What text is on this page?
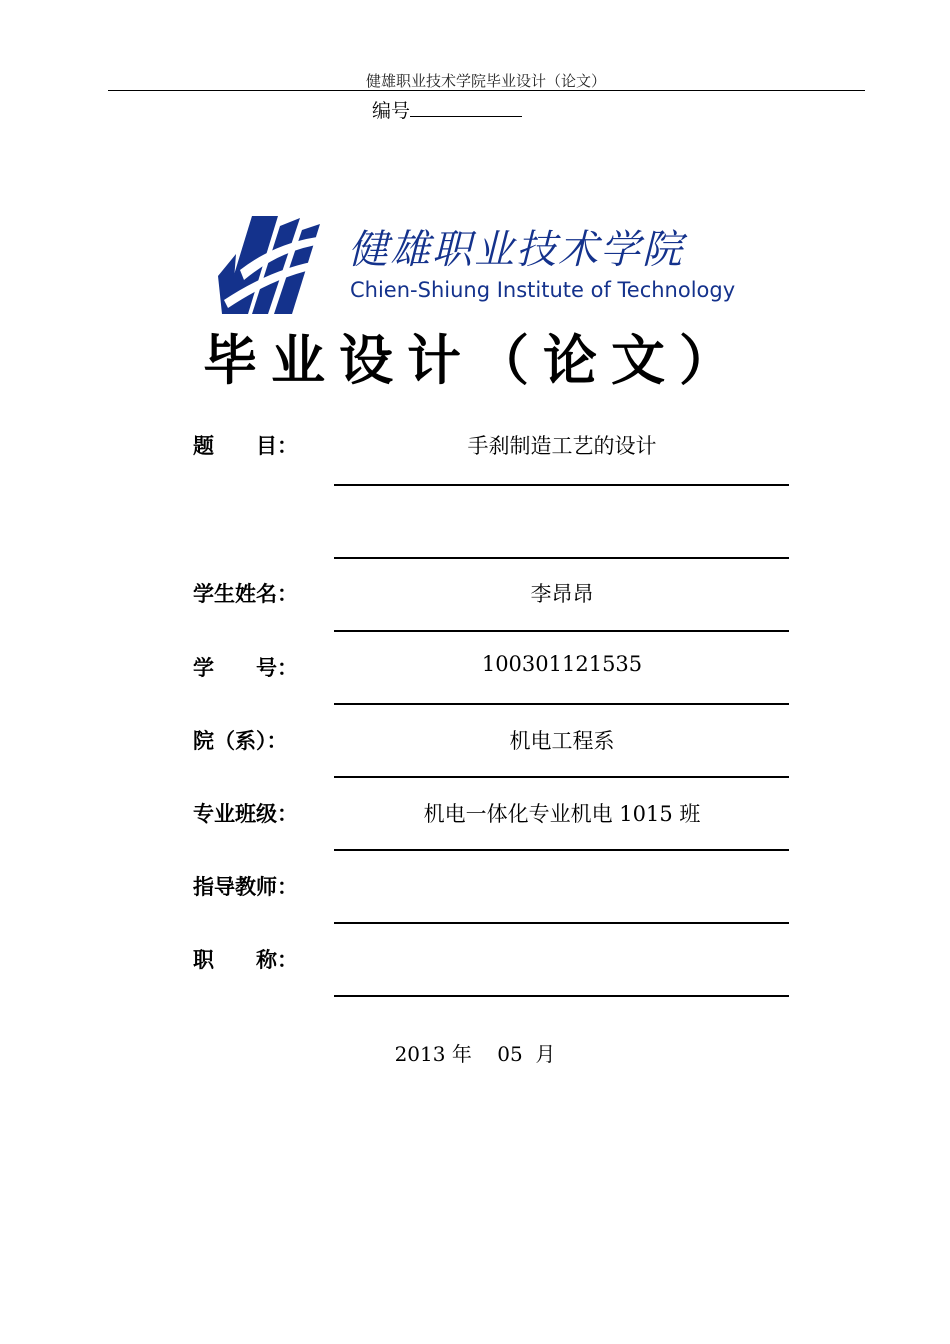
健雄职业技术学院毕业设计（论文）
编号
健雄职业技术学院
Chien-Shiung Institute of Technology
毕业设计（论文）
题　　目：	手刹制造工艺的设计
学生姓名：	李昂昂
学　　号：	100301121535
院（系）：	机电工程系
专业班级：	机电一体化专业机电 1015 班
指导教师：
职　　称：
2013 年    05  月
